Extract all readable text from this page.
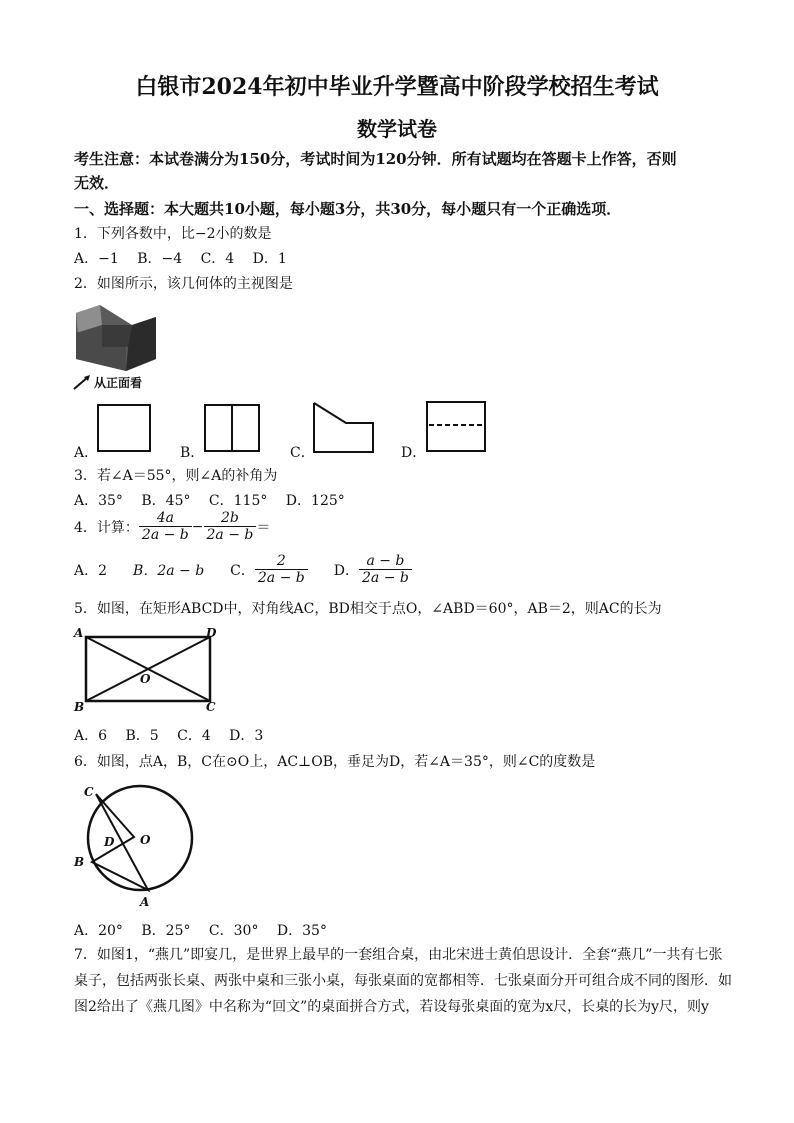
白银市2024年初中毕业升学暨高中阶段学校招生考试
数学试卷
考生注意：本试卷满分为150分，考试时间为120分钟．所有试题均在答题卡上作答，否则
无效．
一、选择题：本大题共10小题，每小题3分，共30分，每小题只有一个正确选项．
1．下列各数中，比−2小的数是
A．−1　 B．−4　 C．4　 D．1
2．如图所示，该几何体的主视图是
从正面看
A．	B．	C．	D．
3．若∠A＝55°，则∠A的补角为
A．35°　 B．45°　 C．115°　 D．125°
4．计算： $\frac{4a}{2a - b} - \frac{2b}{2a - b}$ ＝
A．2 B．2a − b C． $\frac{2}{2a - b}$ D． $\frac{a - b}{2a - b}$
5．如图，在矩形ABCD中，对角线AC，BD相交于点O，∠ABD＝60°，AB＝2，则AC的长为
A
B	C
D
O
A．6　 B．5　 C．4　 D．3
6．如图，点A，B，C在⊙O上，AC⊥OB，垂足为D，若∠A＝35°，则∠C的度数是
C
B
D O
A
A．20°　 B．25°　 C．30°　 D．35°
7．如图1，“燕几”即宴几，是世界上最早的一套组合桌，由北宋进士黄伯思设计．全套“燕几”一共有七张
桌子，包括两张长桌、两张中桌和三张小桌，每张桌面的宽都相等．七张桌面分开可组合成不同的图形．如
图2给出了《燕几图》中名称为“回文”的桌面拼合方式，若设每张桌面的宽为x尺，长桌的长为y尺，则y
